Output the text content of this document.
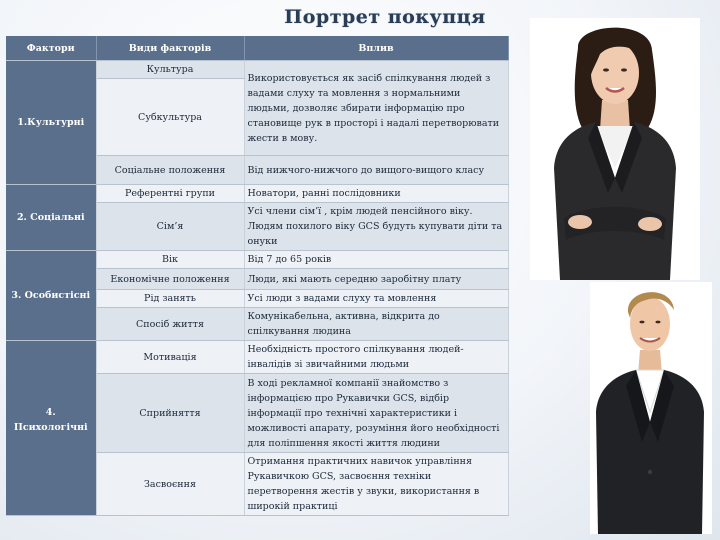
Портрет покупця
Фактори	Види факторів	Вплив
1.Культурні	Культура	Використовується як засіб спілкування людей з вадами слуху та мовлення з нормальними людьми, дозволяє збирати інформацію про становище рук в просторі і надалі перетворювати жести в мову.
	Субкультура	
	Соціальне положення	Від нижчого-нижчого до вищого-вищого класу
2. Соціальні	Референтні групи	Новатори, ранні послідовники
	Сім’я	Усі члени сім’ї , крім людей пенсійного віку. Людям похилого віку GCS будуть купувати діти та онуки
3. Особистісні	Вік	Від 7 до 65 років
	Економічне положення	Люди, які мають середню заробітну плату
	Рід занять	Усі люди з вадами слуху та мовлення
	Спосіб життя	Комунікабельна, активна, відкрита до спілкування людина
4. Психологічні	Мотивація	Необхідність простого спілкування людей-інвалідів зі звичайними людьми
	Сприйняття	В ході рекламної компанії знайомство з інформацією про Рукавички GCS, відбір інформації про технічні характеристики і можливості апарату, розуміння його необхідності для поліпшення якості життя людини
	Засвоєння	Отримання практичних навичок управління Рукавичкою GCS, засвоєння техніки перетворення жестів у звуки, використання в широкій практиці
